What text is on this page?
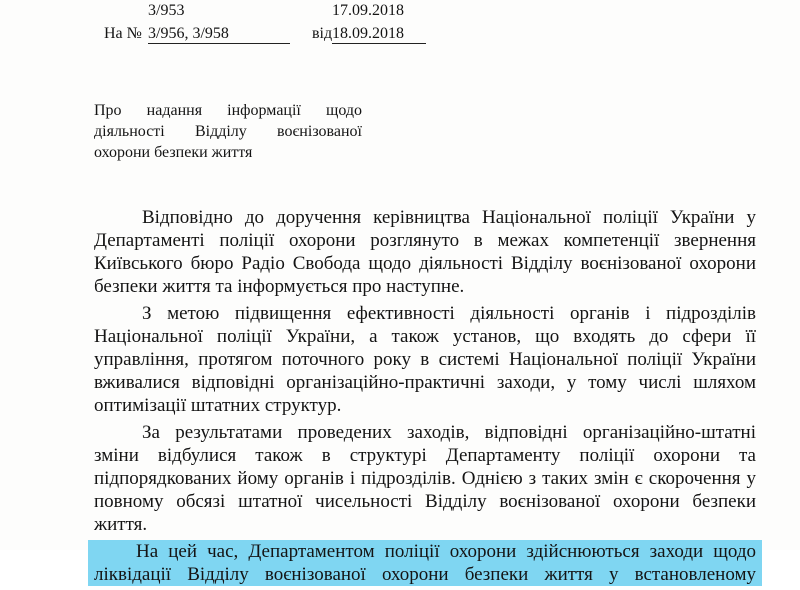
3/953	17.09.2018
На № 3/956, 3/958	від 18.09.2018
Про надання інформації щодо
діяльності Відділу воєнізованої
охорони безпеки життя
Відповідно до доручення керівництва Національної поліції України у
Департаменті поліції охорони розглянуто в межах компетенції звернення
Київського бюро Радіо Свобода щодо діяльності Відділу воєнізованої охорони
безпеки життя та інформується про наступне.
З метою підвищення ефективності діяльності органів і підрозділів
Національної поліції України, а також установ, що входять до сфери її
управління, протягом поточного року в системі Національної поліції України
вживалися відповідні організаційно-практичні заходи, у тому числі шляхом
оптимізації штатних структур.
За результатами проведених заходів, відповідні організаційно-штатні
зміни відбулися також в структурі Департаменту поліції охорони та
підпорядкованих йому органів і підрозділів. Однією з таких змін є скорочення у
повному обсязі штатної чисельності Відділу воєнізованої охорони безпеки
життя.
На цей час, Департаментом поліції охорони здійснюються заходи щодо
ліквідації Відділу воєнізованої охорони безпеки життя у встановленому
